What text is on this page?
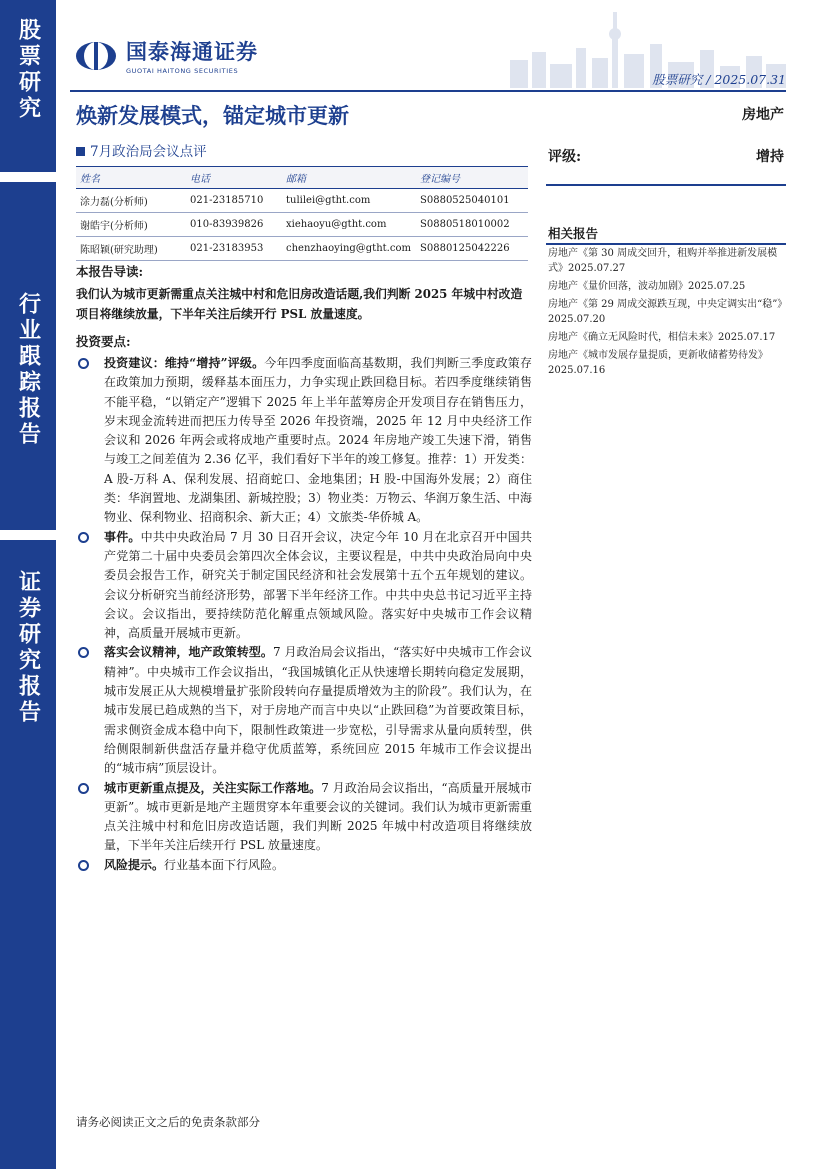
股票研究
行业跟踪报告
证券研究报告
国泰海通证券
GUOTAI HAITONG SECURITIES
股票研究 / 2025.07.31
焕新发展模式，锚定城市更新	房地产
7月政治局会议点评
姓名	电话	邮箱	登记编号
涂力磊(分析师)	021-23185710	tulilei@gtht.com	S0880525040101
谢皓宇(分析师)	010-83939826	xiehaoyu@gtht.com	S0880518010002
陈昭颖(研究助理)	021-23183953	chenzhaoying@gtht.com	S0880125042226
评级:	增持
相关报告
房地产《第 30 周成交回升，租购并举推进新发展模式》2025.07.27
房地产《量价回落，波动加剧》2025.07.25
房地产《第 29 周成交源跌互现，中央定调实出“稳”》2025.07.20
房地产《确立无风险时代，相信未来》2025.07.17
房地产《城市发展存量提质，更新收储蓄势待发》2025.07.16
本报告导读:

我们认为城市更新需重点关注城中村和危旧房改造话题,我们判断 2025 年城中村改造项目将继续放量，下半年关注后续开行 PSL 放量速度。

投资要点:
投资建议：维持“增持”评级。今年四季度面临高基数期，我们判断三季度政策存在政策加力预期，缓释基本面压力，力争实现止跌回稳目标。若四季度继续销售不能平稳，“以销定产”逻辑下 2025 年上半年蓝筹房企开发项目存在销售压力，岁末现金流转进而把压力传导至 2026 年投资端，2025 年 12 月中央经济工作会议和 2026 年两会或将成地产重要时点。2024 年房地产竣工失速下滑，销售与竣工之间差值为 2.36 亿平，我们看好下半年的竣工修复。推荐：1）开发类：A 股-万科 A、保利发展、招商蛇口、金地集团；H 股-中国海外发展；2）商住类：华润置地、龙湖集团、新城控股；3）物业类：万物云、华润万象生活、中海物业、保利物业、招商积余、新大正；4）文旅类-华侨城 A。
事件。中共中央政治局 7 月 30 日召开会议，决定今年 10 月在北京召开中国共产党第二十届中央委员会第四次全体会议，主要议程是，中共中央政治局向中央委员会报告工作，研究关于制定国民经济和社会发展第十五个五年规划的建议。会议分析研究当前经济形势，部署下半年经济工作。中共中央总书记习近平主持会议。会议指出，要持续防范化解重点领域风险。落实好中央城市工作会议精神，高质量开展城市更新。
落实会议精神，地产政策转型。7 月政治局会议指出，“落实好中央城市工作会议精神”。中央城市工作会议指出，“我国城镇化正从快速增长期转向稳定发展期，城市发展正从大规模增量扩张阶段转向存量提质增效为主的阶段”。我们认为，在城市发展已趋成熟的当下，对于房地产而言中央以“止跌回稳”为首要政策目标，需求侧资金成本稳中向下，限制性政策进一步宽松，引导需求从量向质转型，供给侧限制新供盘活存量并稳守优质蓝筹，系统回应 2015 年城市工作会议提出的“城市病”顶层设计。
城市更新重点提及，关注实际工作落地。7 月政治局会议指出，“高质量开展城市更新”。城市更新是地产主题贯穿本年重要会议的关键词。我们认为城市更新需重点关注城中村和危旧房改造话题，我们判断 2025 年城中村改造项目将继续放量，下半年关注后续开行 PSL 放量速度。
风险提示。行业基本面下行风险。
请务必阅读正文之后的免责条款部分
